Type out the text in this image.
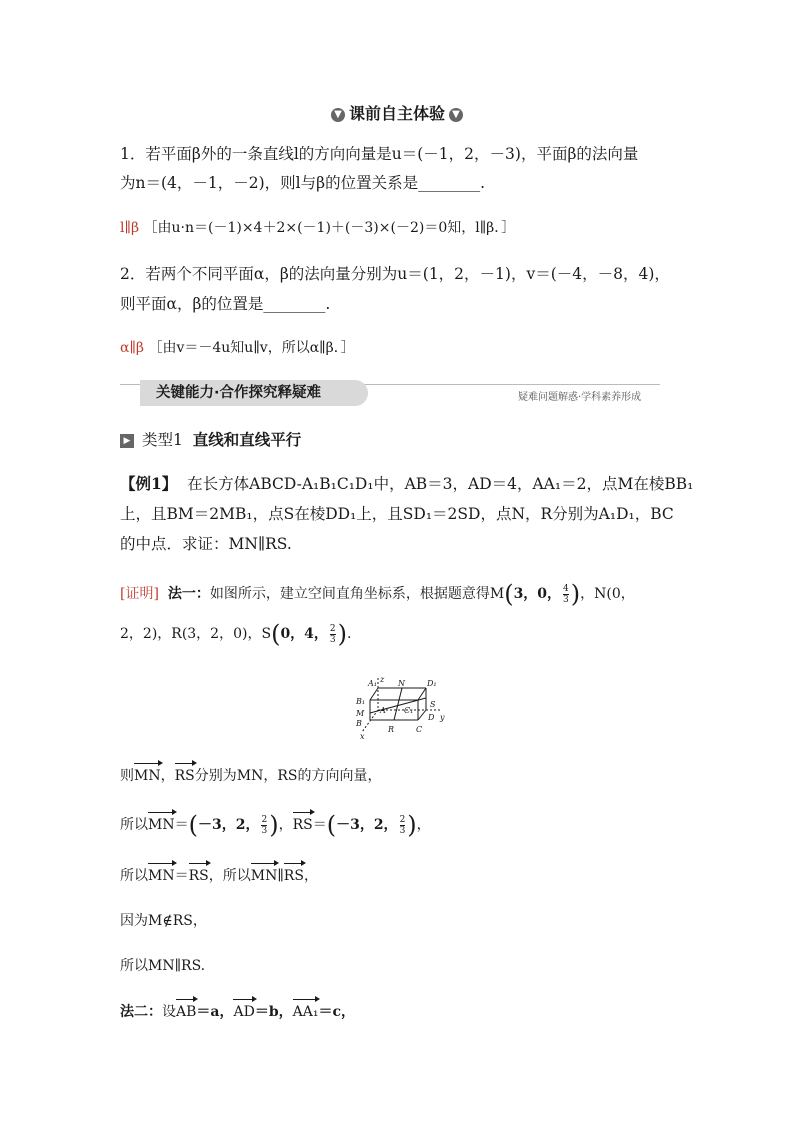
▼ 课前自主体验 ▼
1．若平面β外的一条直线l的方向向量是u＝(－1，2，－3)，平面β的法向量
为n＝(4，－1，－2)，则l与β的位置关系是________.
l∥β ［由u·n＝(－1)×4＋2×(－1)＋(－3)×(－2)＝0知，l∥β．］
2．若两个不同平面α，β的法向量分别为u＝(1，2，－1)，v＝(－4，－8，4)，
则平面α，β的位置是________.
α∥β ［由v＝－4u知u∥v，所以α∥β．］
关键能力·合作探究释疑难	疑难问题解惑·学科素养形成
▶ 类型1 直线和直线平行
【例1】 在长方体ABCD-A₁B₁C₁D₁中，AB＝3，AD＝4，AA₁＝2，点M在棱BB₁
上，且BM＝2MB₁，点S在棱DD₁上，且SD₁＝2SD，点N，R分别为A₁D₁，BC
的中点．求证：MN∥RS.
[证明] 法一：如图所示，建立空间直角坐标系，根据题意得M(3，0， $\frac{4}{3}$ )，N(0，
2，2)，R(3，2，0)，S(0，4， $\frac{2}{3}$ ).
A₁ z N	D₁
B₁
M A C₁
S
D y
B
x
R	C
则MN，RS分别为MN，RS的方向向量，
所以MN＝(－3，2， $\frac{2}{3}$ )，RS＝(－3，2， $\frac{2}{3}$ )，
所以MN＝RS，所以MN∥RS，
因为M∉RS，
所以MN∥RS.
法二：设AB＝a，AD＝b，AA₁＝c，
